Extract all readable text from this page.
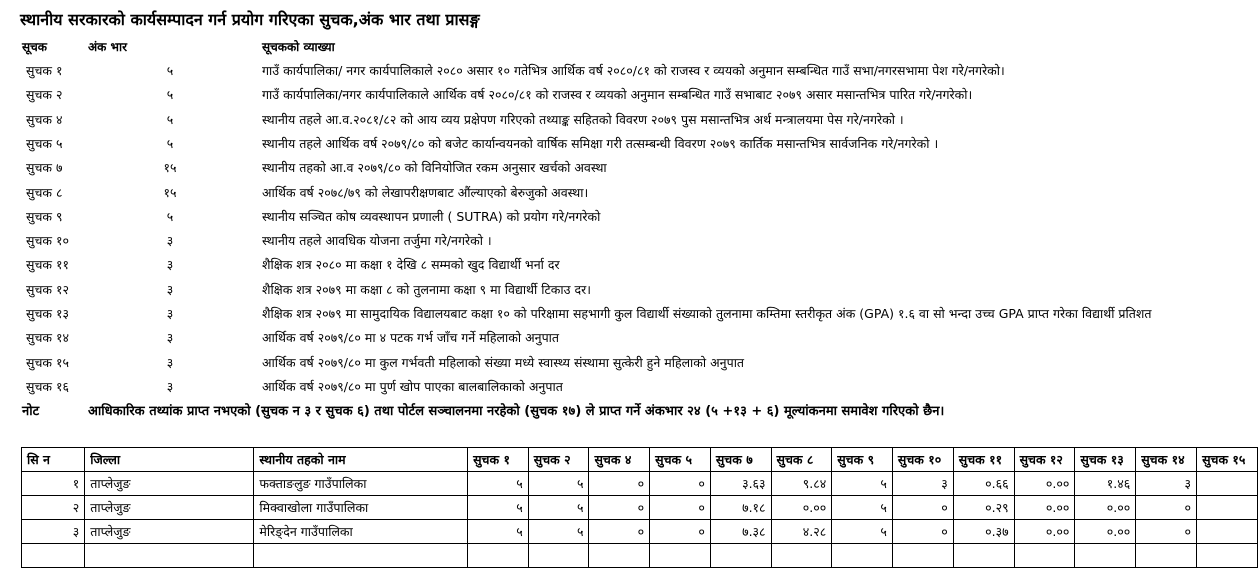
स्थानीय सरकारको कार्यसम्पादन गर्न प्रयोग गरिएका सुचक,अंक भार तथा प्रासङ्ग
सूचक	अंक भार	सूचकको व्याख्या
सुचक १	५	गाउँ कार्यपालिका/ नगर कार्यपालिकाले २०८० असार १० गतेभित्र आर्थिक वर्ष २०८०/८१ को राजस्व र व्ययको अनुमान सम्बन्धित गाउँ सभा/नगरसभामा पेश गरे/नगरेको।
सुचक २	५	गाउँ कार्यपालिका/नगर कार्यपालिकाले आर्थिक वर्ष २०८०/८१ को राजस्व र व्ययको अनुमान सम्बन्धित गाउँ सभाबाट २०७९ असार मसान्तभित्र पारित गरे/नगरेको।
सुचक ४	५	स्थानीय तहले आ.व.२०८१/८२ को आय व्यय प्रक्षेपण गरिएको तथ्याङ्क सहितको विवरण २०७९ पुस मसान्तभित्र अर्थ मन्त्रालयमा पेस गरे/नगरेको ।
सुचक ५	५	स्थानीय तहले आर्थिक वर्ष २०७९/८० को बजेट कार्यान्वयनको वार्षिक समिक्षा गरी तत्सम्बन्धी विवरण २०७९ कार्तिक मसान्तभित्र सार्वजनिक गरे/नगरेको ।
सुचक ७	१५	स्थानीय तहको आ.व २०७९/८० को विनियोजित रकम अनुसार खर्चको अवस्था
सुचक ८	१५	आर्थिक वर्ष २०७८/७९ को लेखापरीक्षणबाट औंल्याएको बेरुजुको अवस्था।
सुचक ९	५	स्थानीय सञ्चित कोष व्यवस्थापन प्रणाली ( SUTRA) को प्रयोग गरे/नगरेको
सुचक १०	३	स्थानीय तहले आवधिक योजना तर्जुमा गरे/नगरेको ।
सुचक ११	३	शैक्षिक शत्र २०८० मा कक्षा १ देखि ८ सम्मको खुद विद्यार्थी भर्ना दर
सुचक १२	३	शैक्षिक शत्र २०७९ मा कक्षा ८ को तुलनामा कक्षा ९ मा विद्यार्थी टिकाउ दर।
सुचक १३	३	शैक्षिक शत्र २०७९ मा सामुदायिक विद्यालयबाट कक्षा १० को परिक्षामा सहभागी कुल विद्यार्थी संख्याको तुलनामा कम्तिमा स्तरीकृत अंक (GPA) १.६ वा सो भन्दा उच्च GPA प्राप्त गरेका विद्यार्थी प्रतिशत
सुचक १४	३	आर्थिक वर्ष २०७९/८० मा ४ पटक गर्भ जाँच गर्ने महिलाको अनुपात
सुचक १५	३	आर्थिक वर्ष २०७९/८० मा कुल गर्भवती महिलाको संख्या मध्ये स्वास्थ्य संस्थामा सुत्केरी हुने महिलाको अनुपात
सुचक १६	३	आर्थिक वर्ष २०७९/८० मा पुर्ण खोप पाएका बालबालिकाको अनुपात
नोट	आधिकारिक तथ्यांक प्राप्त नभएको (सुचक न ३ र सुचक ६) तथा पोर्टल सञ्चालनमा नरहेको (सुचक १७) ले प्राप्त गर्ने अंकभार २४ (५ +१३ + ६) मूल्यांकनमा समावेश गरिएको छैन।
सि न	जिल्ला	स्थानीय तहको नाम	सुचक १	सुचक २	सुचक ४	सुचक ५	सुचक ७	सुचक ८	सुचक ९	सुचक १०	सुचक ११	सुचक १२	सुचक १३	सुचक १४	सुचक १५
१	ताप्लेजुङ	फक्ताङलुङ गाउँपालिका	५	५	०	०	३.६३	९.८४	५	३	०.६६	०.००	१.४६	३	
२	ताप्लेजुङ	मिक्वाखोला गाउँपालिका	५	५	०	०	७.१८	०.००	५	०	०.२९	०.००	०.००	०	
३	ताप्लेजुङ	मेरिङ्देन गाउँपालिका	५	५	०	०	७.३८	४.२८	५	०	०.३७	०.००	०.००	०	
